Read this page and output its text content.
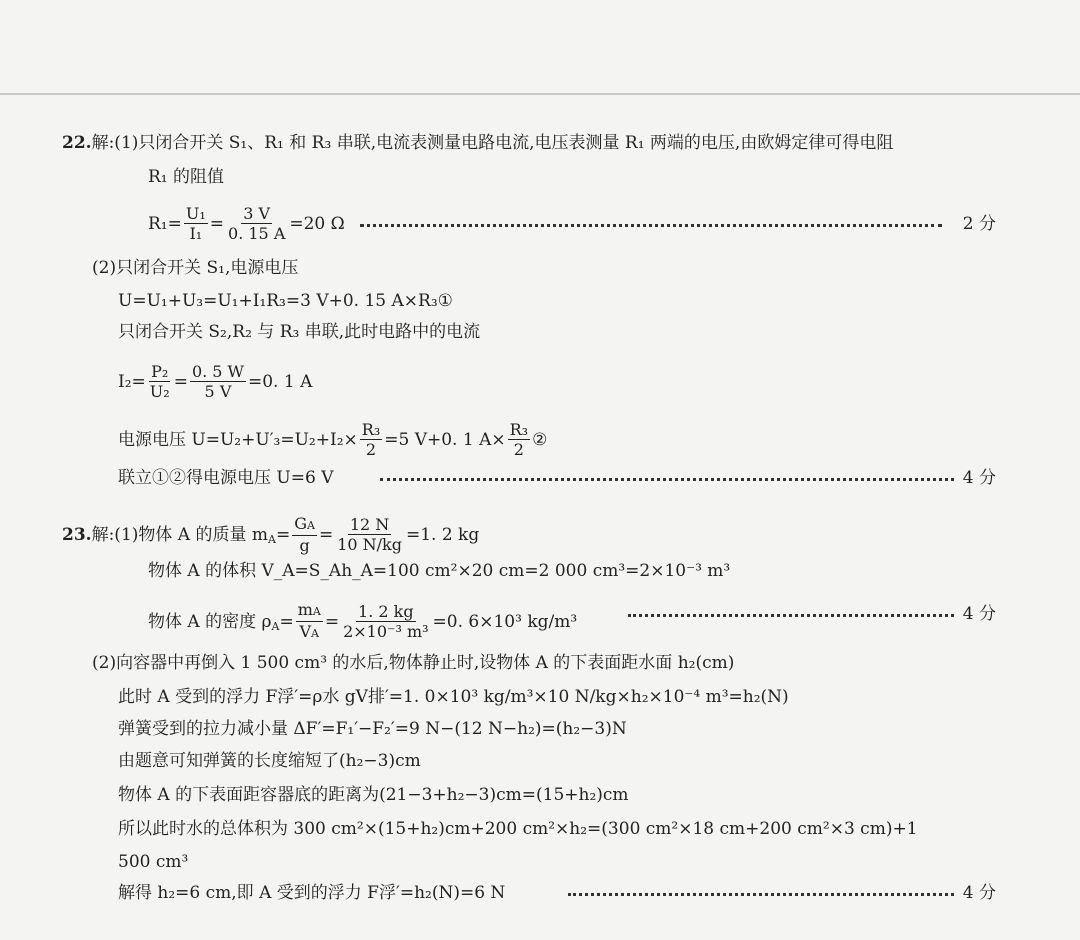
22.解:(1)只闭合开关 S₁、R₁ 和 R₃ 串联,电流表测量电路电流,电压表测量 R₁ 两端的电压,由欧姆定律可得电阻
R₁ 的阻值
$R_1= \frac{\text{U₁}}{\text{I₁}} = \frac{3 V}{0. 15 A} =20$ Ω	2 分
(2)只闭合开关 S₁,电源电压
U=U₁+U₃=U₁+I₁R₃=3 V+0. 15 A×R₃①
只闭合开关 S₂,R₂ 与 R₃ 串联,此时电路中的电流
$I_2= \frac{\text{P₂}}{\text{U₂}} = \frac{0. 5 W}{5 V} =0$. 1 A
电源电压 $U=U_2+U'_3=U_2+I_2\times \frac{\text{R₃}}{2} =5$ V+0. 1 $A\times \frac{\text{R₃}}{2}$ ②
联立①②得电源电压 U=6 V	4 分
23. 解:(1)物体 A 的质量 m $A = \frac{GA}{g} = \frac{12 N}{10 N/kg} =1$. 2 kg
物体 A 的体积 V_A=S_Ah_A=100 cm²×20 cm=2 000 cm³=2×10⁻³ m³
物体 A 的密度 ρ $A = \frac{mA}{VA} = \frac{1. 2 kg}{\text{2×10⁻³ m³}} =0$. 6×10³ kg/m³	4 分
(2)向容器中再倒入 1 500 cm³ 的水后,物体静止时,设物体 A 的下表面距水面 h₂(cm)
此时 A 受到的浮力 F浮′=ρ水 gV排′=1. 0×10³ kg/m³×10 N/kg×h₂×10⁻⁴ m³=h₂(N)
弹簧受到的拉力减小量 ΔF′=F₁′−F₂′=9 N−(12 N−h₂)=(h₂−3)N
由题意可知弹簧的长度缩短了(h₂−3)cm
物体 A 的下表面距容器底的距离为(21−3+h₂−3)cm=(15+h₂)cm
所以此时水的总体积为 300 cm²×(15+h₂)cm+200 cm²×h₂=(300 cm²×18 cm+200 cm²×3 cm)+1
500 cm³
解得 h₂=6 cm,即 A 受到的浮力 F浮′=h₂(N)=6 N	4 分
